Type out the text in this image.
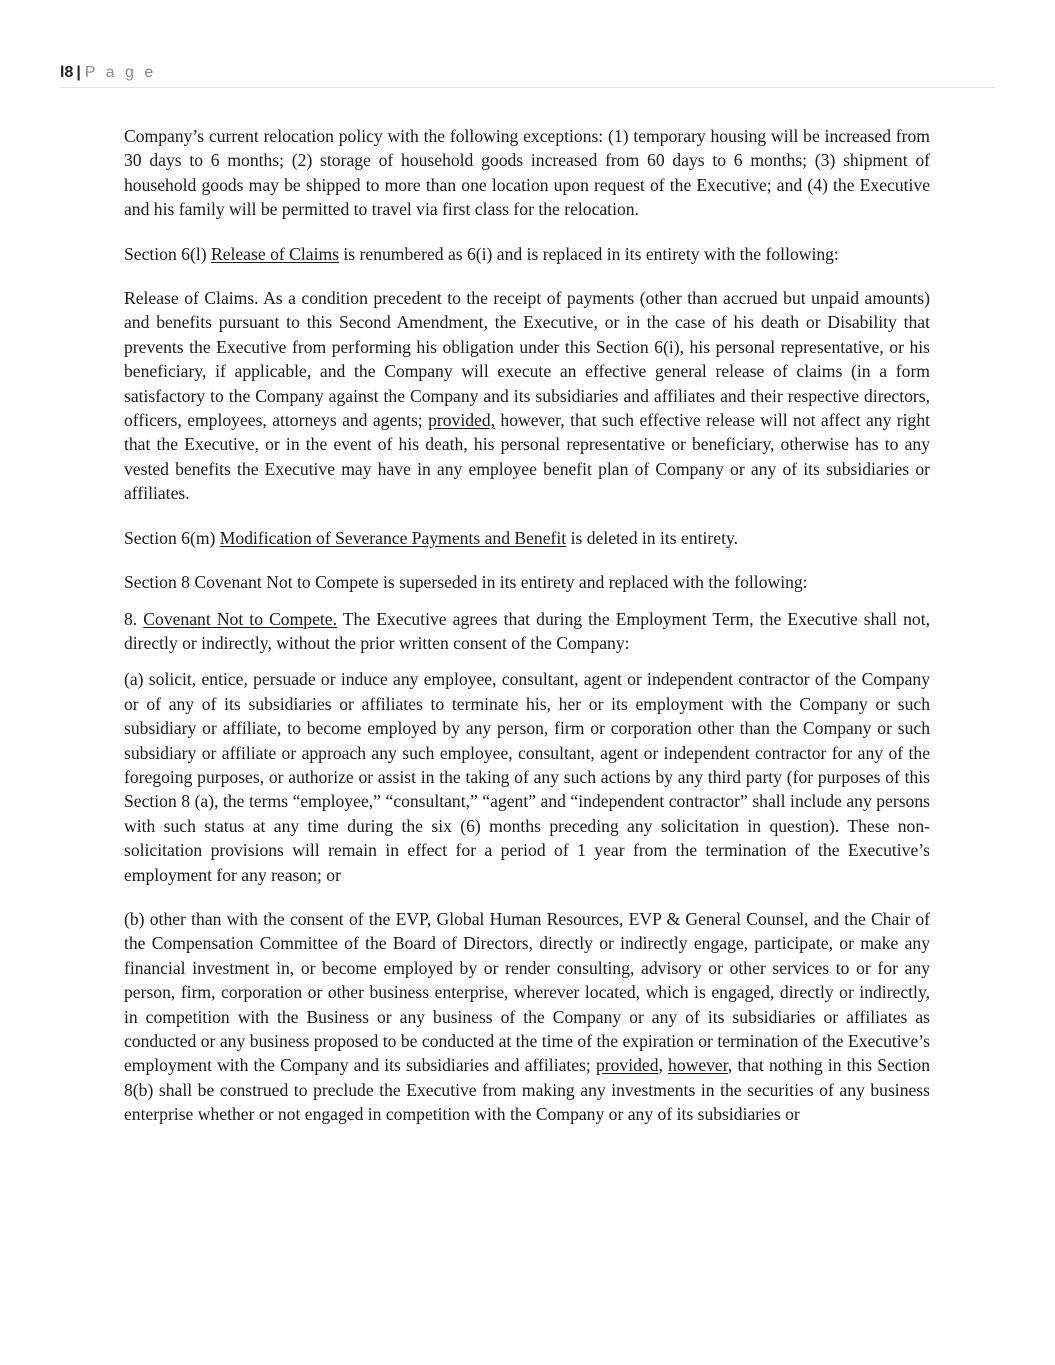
l8 | P a g e

Company’s current relocation policy with the following exceptions: (1) temporary housing will be increased from 30 days to 6 months; (2) storage of household goods increased from 60 days to 6 months; (3) shipment of household goods may be shipped to more than one location upon request of the Executive; and (4) the Executive and his family will be permitted to travel via first class for the relocation.

Section 6(l) Release of Claims is renumbered as 6(i) and is replaced in its entirety with the following:

Release of Claims. As a condition precedent to the receipt of payments (other than accrued but unpaid amounts) and benefits pursuant to this Second Amendment, the Executive, or in the case of his death or Disability that prevents the Executive from performing his obligation under this Section 6(i), his personal representative, or his beneficiary, if applicable, and the Company will execute an effective general release of claims (in a form satisfactory to the Company against the Company and its subsidiaries and affiliates and their respective directors, officers, employees, attorneys and agents; provided, however, that such effective release will not affect any right that the Executive, or in the event of his death, his personal representative or beneficiary, otherwise has to any vested benefits the Executive may have in any employee benefit plan of Company or any of its subsidiaries or affiliates.

Section 6(m) Modification of Severance Payments and Benefit is deleted in its entirety.

Section 8 Covenant Not to Compete is superseded in its entirety and replaced with the following:

8. Covenant Not to Compete. The Executive agrees that during the Employment Term, the Executive shall not, directly or indirectly, without the prior written consent of the Company:

(a) solicit, entice, persuade or induce any employee, consultant, agent or independent contractor of the Company or of any of its subsidiaries or affiliates to terminate his, her or its employment with the Company or such subsidiary or affiliate, to become employed by any person, firm or corporation other than the Company or such subsidiary or affiliate or approach any such employee, consultant, agent or independent contractor for any of the foregoing purposes, or authorize or assist in the taking of any such actions by any third party (for purposes of this Section 8 (a), the terms “employee,” “consultant,” “agent” and “independent contractor” shall include any persons with such status at any time during the six (6) months preceding any solicitation in question). These non-solicitation provisions will remain in effect for a period of 1 year from the termination of the Executive’s employment for any reason; or

(b) other than with the consent of the EVP, Global Human Resources, EVP & General Counsel, and the Chair of the Compensation Committee of the Board of Directors, directly or indirectly engage, participate, or make any financial investment in, or become employed by or render consulting, advisory or other services to or for any person, firm, corporation or other business enterprise, wherever located, which is engaged, directly or indirectly, in competition with the Business or any business of the Company or any of its subsidiaries or affiliates as conducted or any business proposed to be conducted at the time of the expiration or termination of the Executive’s employment with the Company and its subsidiaries and affiliates; provided, however, that nothing in this Section 8(b) shall be construed to preclude the Executive from making any investments in the securities of any business enterprise whether or not engaged in competition with the Company or any of its subsidiaries or
